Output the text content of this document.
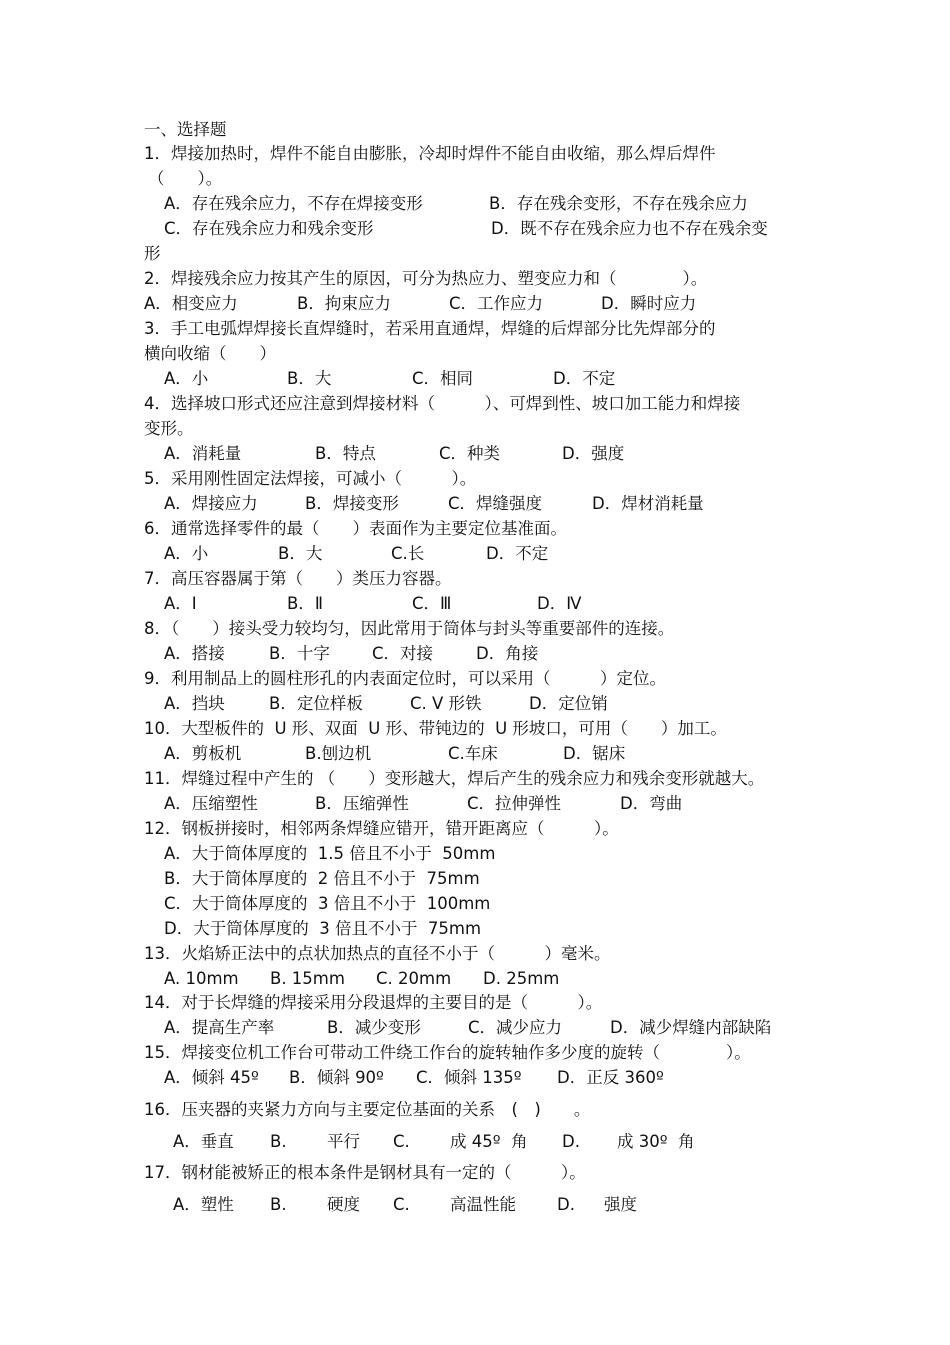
一、选择题
1．焊接加热时，焊件不能自由膨胀，冷却时焊件不能自由收缩，那么焊后焊件
（　　）。
A．存在残余应力，不存在焊接变形	B．存在残余变形，不存在残余应力
C．存在残余应力和残余变形	D．既不存在残余应力也不存在残余变
形
2．焊接残余应力按其产生的原因，可分为热应力、塑变应力和（　　　　）。
A．相变应力	B．拘束应力	C．工作应力	D．瞬时应力
3．手工电弧焊焊接长直焊缝时，若采用直通焊，焊缝的后焊部分比先焊部分的
横向收缩（　　）
A．小	B．大	C．相同	D．不定
4．选择坡口形式还应注意到焊接材料（　　　）、可焊到性、坡口加工能力和焊接
变形。
A．消耗量	B．特点	C．种类	D．强度
5．采用刚性固定法焊接，可减小（　　　）。
A．焊接应力	B．焊接变形	C．焊缝强度	D．焊材消耗量
6．通常选择零件的最（　　）表面作为主要定位基准面。
A．小	B．大	C.长	D．不定
7．高压容器属于第（　　）类压力容器。
A．Ⅰ	B．Ⅱ	C．Ⅲ	D．Ⅳ
8．（　　）接头受力较均匀，因此常用于筒体与封头等重要部件的连接。
A．搭接	B．十字	C．对接	D．角接
9．利用制品上的圆柱形孔的内表面定位时，可以采用（　　　）定位。
A．挡块	B．定位样板	C. V 形铁	D．定位销
10．大型板件的  U 形、双面  U 形、带钝边的  U 形坡口，可用（　　）加工。
A．剪板机	B.刨边机	C.车床	D．锯床
11．焊缝过程中产生的 （　　）变形越大，焊后产生的残余应力和残余变形就越大。
A．压缩塑性	B．压缩弹性	C．拉伸弹性	D．弯曲
12．钢板拼接时，相邻两条焊缝应错开，错开距离应（　　　）。
A．大于筒体厚度的  1.5 倍且不小于  50mm
B．大于筒体厚度的  2 倍且不小于  75mm
C．大于筒体厚度的  3 倍且不小于  100mm
D．大于筒体厚度的  3 倍且不小于  75mm
13．火焰矫正法中的点状加热点的直径不小于（　　　）毫米。
A. 10mm B. 15mm C. 20mm D. 25mm
14．对于长焊缝的焊接采用分段退焊的主要目的是（　　　）。
A．提高生产率	B．减少变形	C．减少应力	D．减少焊缝内部缺陷
15．焊接变位机工作台可带动工件绕工作台的旋转轴作多少度的旋转（　　　　）。
A．倾斜 45º B．倾斜 90º C．倾斜 135º D．正反 360º
16．压夹器的夹紧力方向与主要定位基面的关系　(　)　　。
A．垂直 B. 平行 C. 成 45º  角 D. 成 30º  角
17．钢材能被矫正的根本条件是钢材具有一定的（　　　）。
A．塑性 B. 硬度 C. 高温性能 D. 强度
